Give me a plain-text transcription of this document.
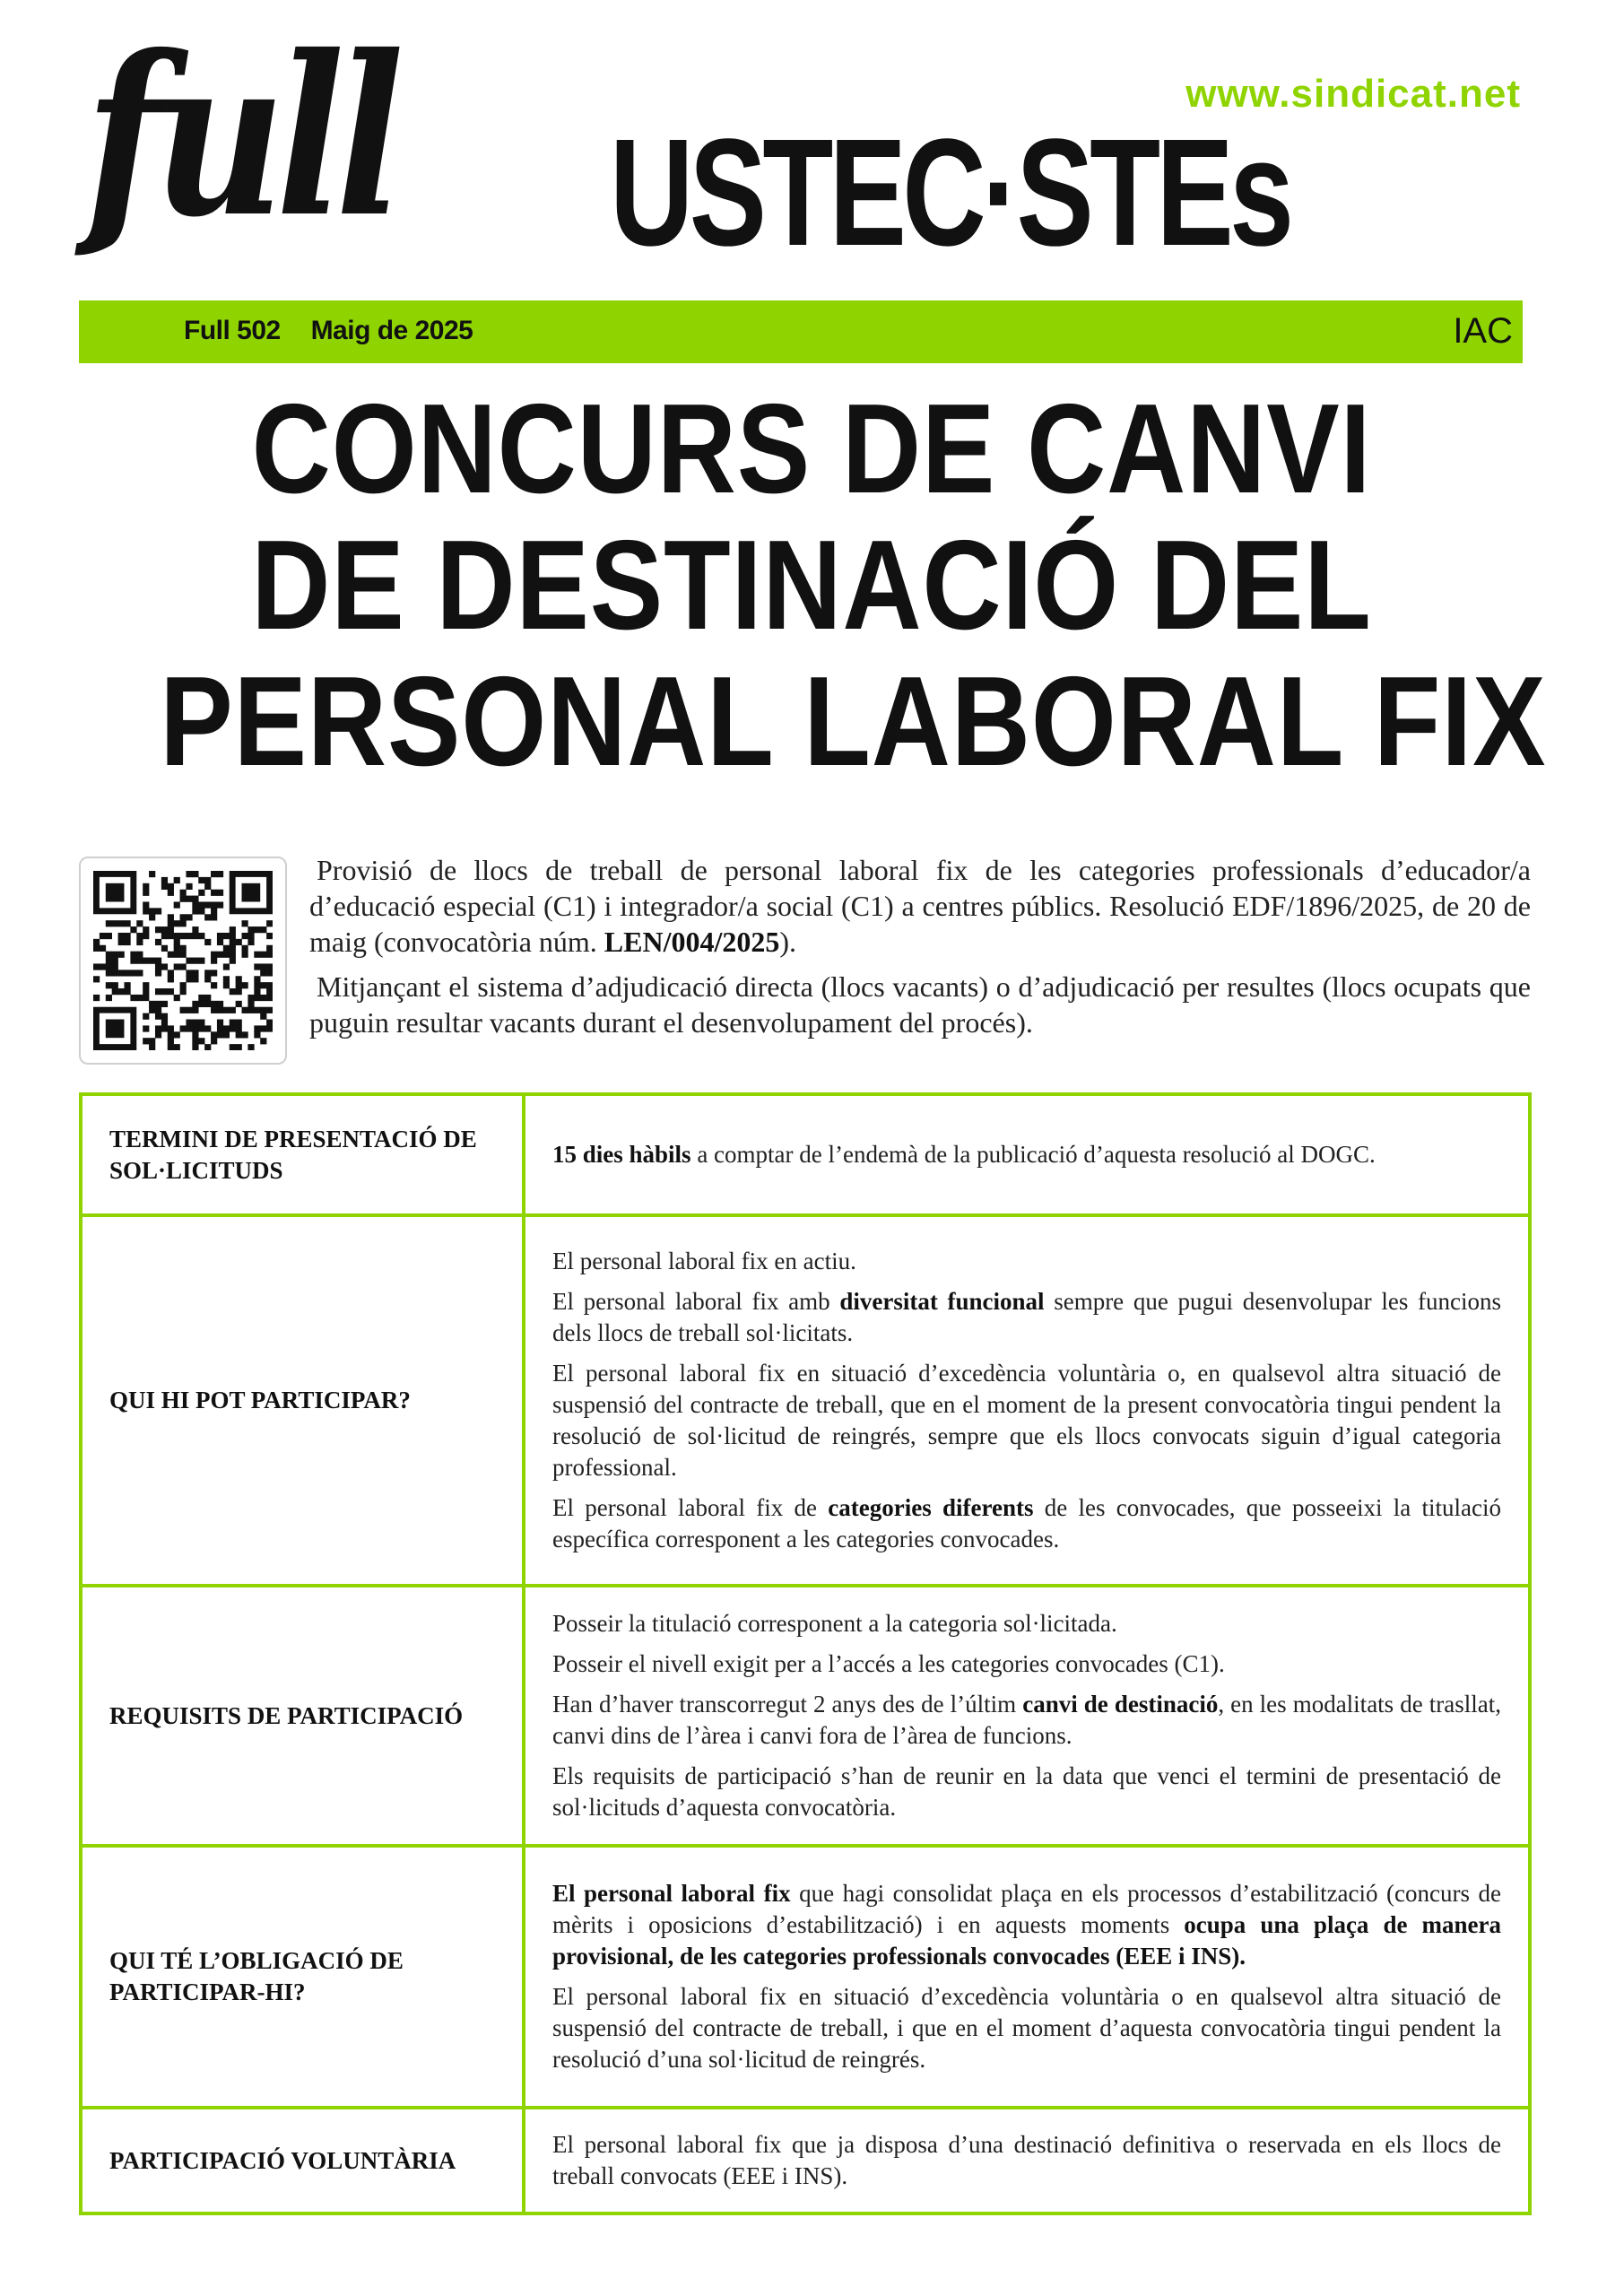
full USTEC·STEs
www.sindicat.net
Full 502 Maig de 2025	IAC
CONCURS DE CANVI
DE DESTINACIÓ DEL
PERSONAL LABORAL FIX

Provisió de llocs de treball de personal laboral fix de les categories professionals d’educador/a d’educació especial (C1) i integrador/a social (C1) a centres públics. Resolució EDF/1896/2025, de 20 de maig (convocatòria núm. LEN/004/2025).

Mitjançant el sistema d’adjudicació directa (llocs vacants) o d’adjudicació per resultes (llocs ocupats que puguin resultar vacants durant el desenvolupament del procés).

TERMINI DE PRESENTACIÓ DE SOL·LICITUDS	15 dies hàbils a comptar de l’endemà de la publicació d’aquesta resolució al DOGC.

QUI HI POT PARTICIPAR?	El personal laboral fix en actiu.

El personal laboral fix amb diversitat funcional sempre que pugui desenvolupar les funcions dels llocs de treball sol·licitats.

El personal laboral fix en situació d’excedència voluntària o, en qualsevol altra situació de suspensió del contracte de treball, que en el moment de la present convocatòria tingui pendent la resolució de sol·licitud de reingrés, sempre que els llocs convocats siguin d’igual categoria professional.

El personal laboral fix de categories diferents de les convocades, que posseeixi la titulació específica corresponent a les categories convocades.

REQUISITS DE PARTICIPACIÓ	Posseir la titulació corresponent a la categoria sol·licitada.

Posseir el nivell exigit per a l’accés a les categories convocades (C1).

Han d’haver transcorregut 2 anys des de l’últim canvi de destinació, en les modalitats de trasllat, canvi dins de l’àrea i canvi fora de l’àrea de funcions.

Els requisits de participació s’han de reunir en la data que venci el termini de presentació de sol·licituds d’aquesta convocatòria.

QUI TÉ L’OBLIGACIÓ DE PARTICIPAR-HI?	El personal laboral fix que hagi consolidat plaça en els processos d’estabilització (concurs de mèrits i oposicions d’estabilització) i en aquests moments ocupa una plaça de manera provisional, de les categories professionals convocades (EEE i INS).

El personal laboral fix en situació d’excedència voluntària o en qualsevol altra situació de suspensió del contracte de treball, i que en el moment d’aquesta convocatòria tingui pendent la resolució d’una sol·licitud de reingrés.

PARTICIPACIÓ VOLUNTÀRIA	El personal laboral fix que ja disposa d’una destinació definitiva o reservada en els llocs de treball convocats (EEE i INS).
